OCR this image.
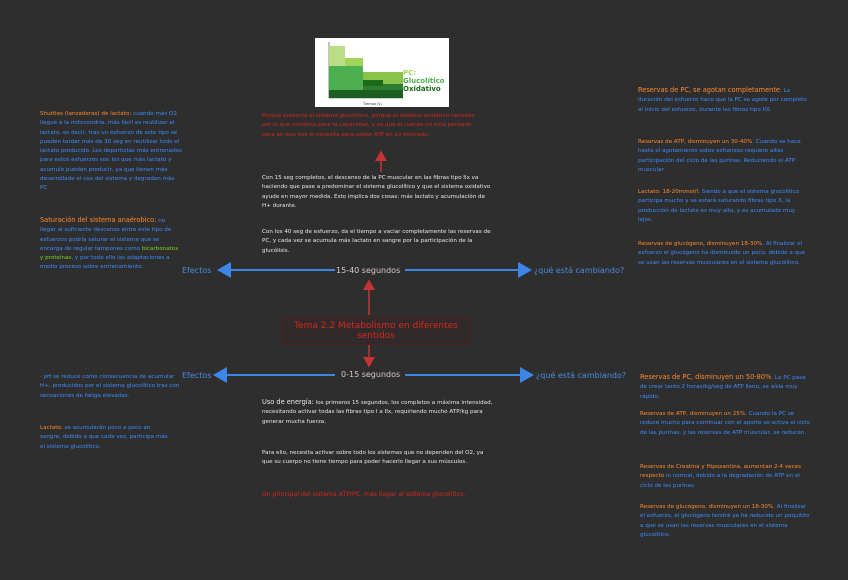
Tiempo (s)
PC:
Glucolítico
Oxidativo
Tema 2.2 Metabolismo en diferentes sentidos
15-40 segundos
0-15 segundos
Efectos	¿qué está cambiando?
Efectos	¿qué está cambiando?
Porque potencia el sistema glucolítico, porque el sistema oxidativo necesita por lo que combina para la capacidad, y ya que el cuerpo no está pensado para en que nos lo necesita para poder ATP en su mercado.
Con 15 seg completos, el descenso de la PC muscular en las fibras tipo IIx va haciendo que pase a predominar el sistema glucolítico y que el sistema oxidativo ayude en mayor medida. Esto implica dos cosas: más lactato y acumulación de H+ durante.
Con los 40 seg de esfuerzo, da el tiempo a vaciar completamente las reservas de PC, y cada vez se acumula más lactato en sangre por la participación de la glucólisis.
Uso de energía: los primeros 15 segundos, los completos a máxima intensidad, necesitando activar todas las fibras tipo I a IIx, requiriendo mucho ATP/kg para generar mucha fuerza.
Para ello, necesita activar sobre todo los sistemas que no dependen del O2, ya que su cuerpo no tiene tiempo para poder hacerlo llegar a sus músculos.
Un principal del sistema ATP/PC, más llegar al sistema glucolítico.
Shuttles (lanzaderas) de lactato: cuando más O2 llegue a la mitocondria, más fácil es reutilizar el lactato, es decir, tras un esfuerzo de este tipo se pueden tardar más de 30 seg en reutilizar todo el lactato producido. Los deportistas más entrenados para estos esfuerzos son los que más lactato y acumulo pueden producir, ya que tienen más desarrollado el uso del sistema y degradan más PC.
Saturación del sistema anaérobico: no llegar al suficiente descenso entre este tipo de esfuerzos podría saturar el sistema que se encarga de regular tampones como bicarbonatos y proteínas, y por todo ello las adaptaciones a medio proceso sobre entrenamiento.
· pH se reduce como consecuencia de acumular H+, producidos por el sistema glucolítico tras con sensaciones de fatiga elevadas.
Lactato: se acumularán poco a poco en sangre, debido a que cada vez, participa más el sistema glucolítico.
Reservas de PC, se agotan completamente. La duración del esfuerzo hace que la PC se agote por completo al inicio del esfuerzo, durante las fibras tipo IIX.
Reservas de ATP, disminuyen un 30-40%. Cuando se hace hasta el agotamiento estos esfuerzos requiere altas participación del ciclo de las purinas. Reduciendo el ATP muscular.
Lactato: 18-20mmol/l. Siendo a que el sistema glucolítico participa mucho y se estará saturando fibras tipo X, la producción de lactato es muy alta, y es acumulado muy lejos.
Reservas de glucógeno, disminuyen 18-30%. Al finalizar el esfuerzo el glucógeno ha disminuido un poco, debido a que se usan las reservas musculares en el sistema glucolítico.
Reservas de PC, disminuyen un 50-80%. La PC pasa de crear tanto 2 horas/kg/seg de ATP lleno, se aísla muy rápido.
Reservas de ATP, disminuyen un 25%. Cuando la PC se reduce mucho para continuar con el aporte se activa el ciclo de las purinas, y las reservas de ATP muscular, se reducen.
Reservas de Creatina y Hipoxantina, aumentan 2-4 veces respecto lo normal, debido a la degradación de ATP en el ciclo de las purinas.
Reservas de glucógeno, disminuyen un 18-30%. Al finalizar el esfuerzo, el glucógeno tendrá ya ha reducido un poquitito a que se usan las reservas musculares en el sistema glucolítico.
